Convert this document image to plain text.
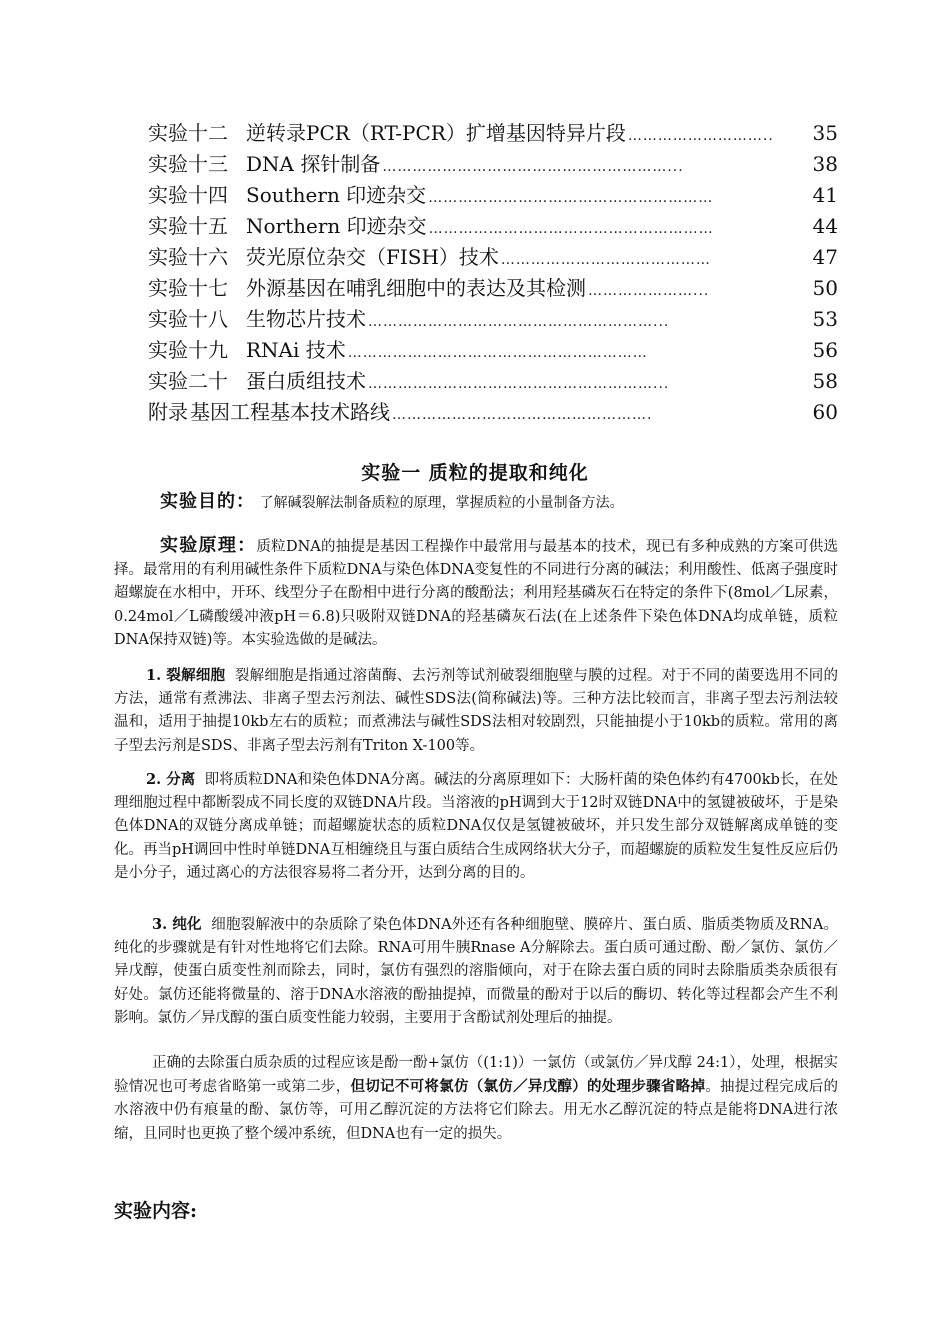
实验十二 逆转录PCR（RT-PCR）扩增基因特异片段 ………………………..	35
实验十三 DNA 探针制备 …………………………………………………...	38
实验十四 Southern 印迹杂交 …………………………………………………	41
实验十五 Northern 印迹杂交 …………………………………………………	44
实验十六 荧光原位杂交（FISH）技术 ……………………………………	47
实验十七 外源基因在哺乳细胞中的表达及其检测 …………………...	50
实验十八 生物芯片技术 …………………………………………………...	53
实验十九 RNAi 技术 ……………………………………………………	56
实验二十 蛋白质组技术 …………………………………………………...	58
附录 基因工程基本技术路线 …………………………………………….	60
实验一 质粒的提取和纯化
实验目的： 了解碱裂解法制备质粒的原理，掌握质粒的小量制备方法。
实验原理：质粒DNA的抽提是基因工程操作中最常用与最基本的技术，现已有多种成熟的方案可供选择。最常用的有利用碱性条件下质粒DNA与染色体DNA变复性的不同进行分离的碱法；利用酸性、低离子强度时超螺旋在水相中，开环、线型分子在酚相中进行分离的酸酚法；利用羟基磷灰石在特定的条件下(8mol／L尿素，0.24mol／L磷酸缓冲液pH＝6.8)只吸附双链DNA的羟基磷灰石法(在上述条件下染色体DNA均成单链，质粒DNA保持双链)等。本实验选做的是碱法。
1. 裂解细胞 裂解细胞是指通过溶菌酶、去污剂等试剂破裂细胞壁与膜的过程。对于不同的菌要选用不同的方法，通常有煮沸法、非离子型去污剂法、碱性SDS法(简称碱法)等。三种方法比较而言，非离子型去污剂法较温和，适用于抽提10kb左右的质粒；而煮沸法与碱性SDS法相对较剧烈，只能抽提小于10kb的质粒。常用的离子型去污剂是SDS、非离子型去污剂有Triton X-100等。
2. 分离 即将质粒DNA和染色体DNA分离。碱法的分离原理如下：大肠杆菌的染色体约有4700kb长，在处理细胞过程中都断裂成不同长度的双链DNA片段。当溶液的pH调到大于12时双链DNA中的氢键被破坏，于是染色体DNA的双链分离成单链；而超螺旋状态的质粒DNA仅仅是氢键被破坏，并只发生部分双链解离成单链的变化。再当pH调回中性时单链DNA互相缠绕且与蛋白质结合生成网络状大分子，而超螺旋的质粒发生复性反应后仍是小分子，通过离心的方法很容易将二者分开，达到分离的目的。
3. 纯化 细胞裂解液中的杂质除了染色体DNA外还有各种细胞壁、膜碎片、蛋白质、脂质类物质及RNA。纯化的步骤就是有针对性地将它们去除。RNA可用牛胰Rnase A分解除去。蛋白质可通过酚、酚／氯仿、氯仿／异戊醇，使蛋白质变性剂而除去，同时，氯仿有强烈的溶脂倾向，对于在除去蛋白质的同时去除脂质类杂质很有好处。氯仿还能将微量的、溶于DNA水溶液的酚抽提掉，而微量的酚对于以后的酶切、转化等过程都会产生不利影响。氯仿／异戊醇的蛋白质变性能力较弱，主要用于含酚试剂处理后的抽提。
正确的去除蛋白质杂质的过程应该是酚一酚+氯仿（(1:1)）一氯仿（或氯仿／异戊醇 24:1），处理，根据实验情况也可考虑省略第一或第二步，但切记不可将氯仿（氯仿／异戊醇）的处理步骤省略掉。抽提过程完成后的水溶液中仍有痕量的酚、氯仿等，可用乙醇沉淀的方法将它们除去。用无水乙醇沉淀的特点是能将DNA进行浓缩，且同时也更换了整个缓冲系统，但DNA也有一定的损失。
实验内容:
